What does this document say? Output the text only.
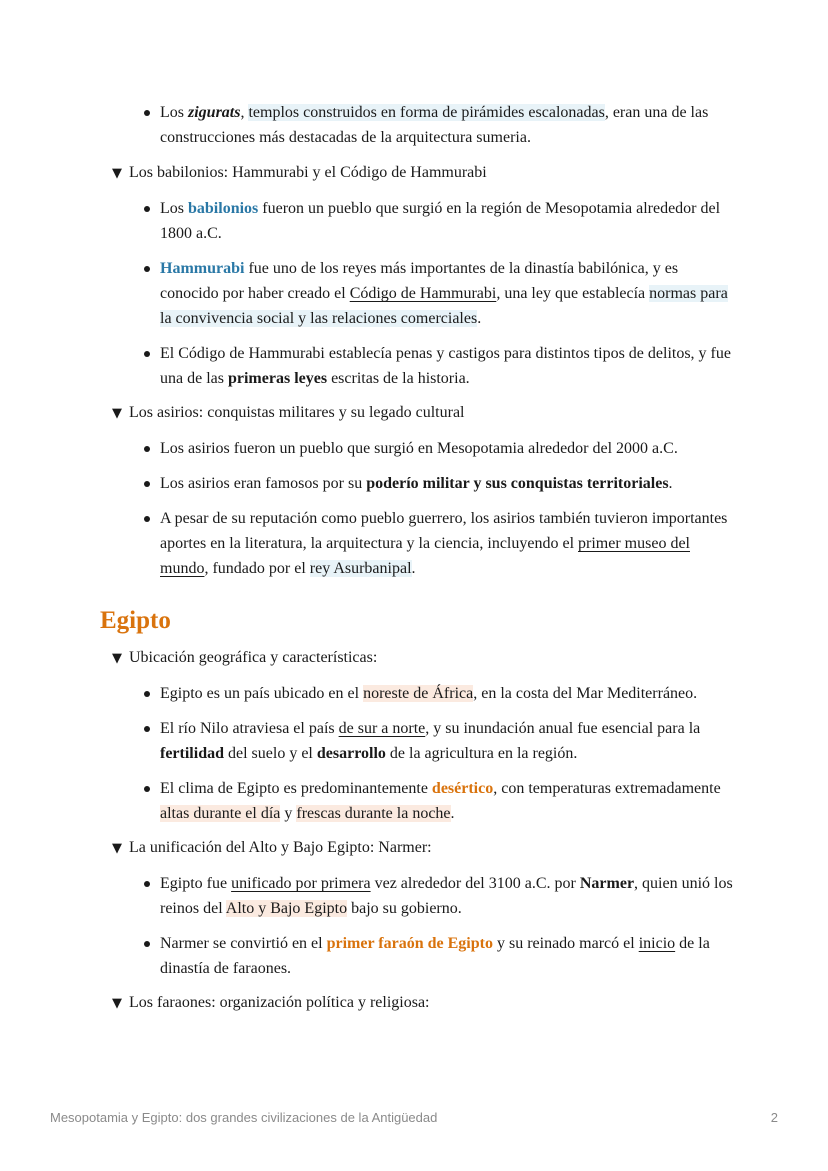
Los zigurats, templos construidos en forma de pirámides escalonadas, eran una de las construcciones más destacadas de la arquitectura sumeria.

▼ Los babilonios: Hammurabi y el Código de Hammurabi

Los babilonios fueron un pueblo que surgió en la región de Mesopotamia alrededor del 1800 a.C.

Hammurabi fue uno de los reyes más importantes de la dinastía babilónica, y es conocido por haber creado el Código de Hammurabi, una ley que establecía normas para la convivencia social y las relaciones comerciales.

El Código de Hammurabi establecía penas y castigos para distintos tipos de delitos, y fue una de las primeras leyes escritas de la historia.

▼ Los asirios: conquistas militares y su legado cultural

Los asirios fueron un pueblo que surgió en Mesopotamia alrededor del 2000 a.C.

Los asirios eran famosos por su poderío militar y sus conquistas territoriales.

A pesar de su reputación como pueblo guerrero, los asirios también tuvieron importantes aportes en la literatura, la arquitectura y la ciencia, incluyendo el primer museo del mundo, fundado por el rey Asurbanipal.

Egipto
▼ Ubicación geográfica y características:

Egipto es un país ubicado en el noreste de África, en la costa del Mar Mediterráneo.

El río Nilo atraviesa el país de sur a norte, y su inundación anual fue esencial para la fertilidad del suelo y el desarrollo de la agricultura en la región.

El clima de Egipto es predominantemente desértico, con temperaturas extremadamente altas durante el día y frescas durante la noche.

▼ La unificación del Alto y Bajo Egipto: Narmer:

Egipto fue unificado por primera vez alrededor del 3100 a.C. por Narmer, quien unió los reinos del Alto y Bajo Egipto bajo su gobierno.

Narmer se convirtió en el primer faraón de Egipto y su reinado marcó el inicio de la dinastía de faraones.

▼ Los faraones: organización política y religiosa:
Mesopotamia y Egipto: dos grandes civilizaciones de la Antigüedad	2
